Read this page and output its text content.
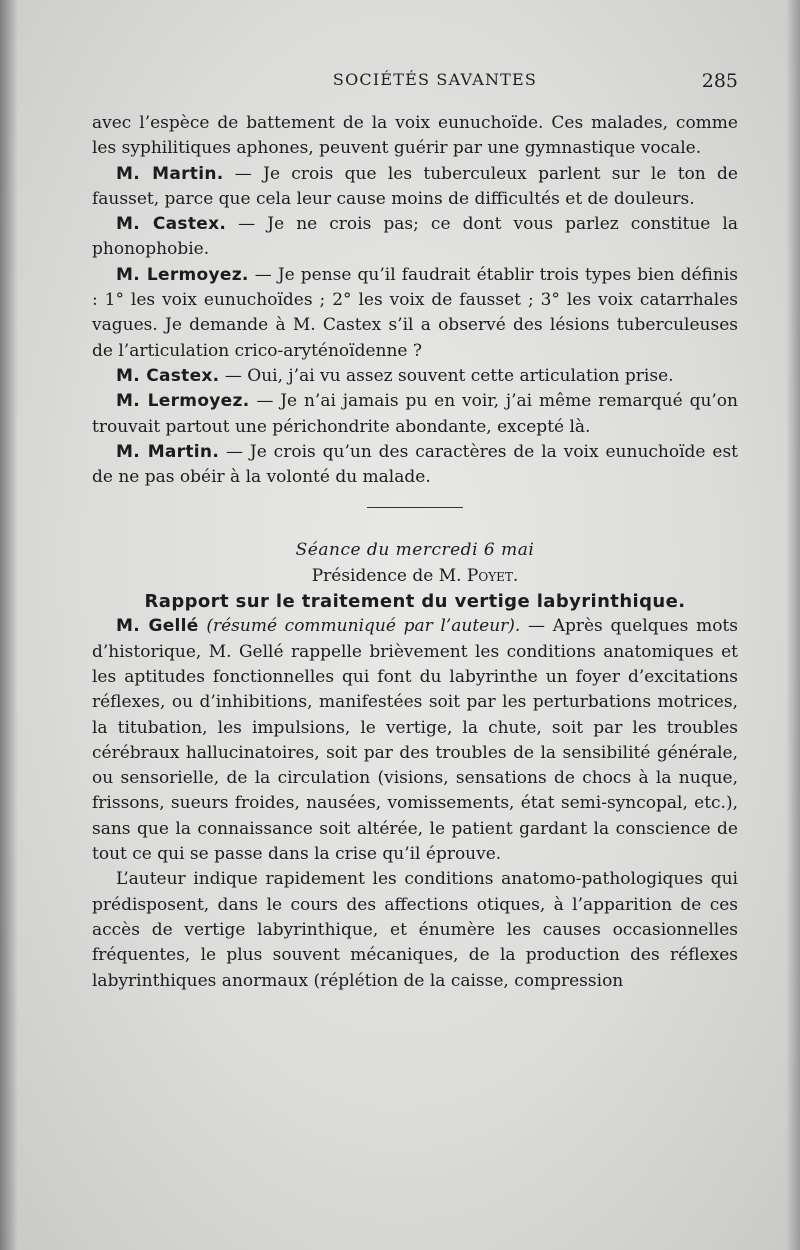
SOCIÉTÉS SAVANTES	285

avec l’espèce de battement de la voix eunuchoïde. Ces malades, comme les syphilitiques aphones, peuvent guérir par une gymnastique vocale.

M. Martin. — Je crois que les tuberculeux parlent sur le ton de fausset, parce que cela leur cause moins de difficultés et de douleurs.

M. Castex. — Je ne crois pas; ce dont vous parlez constitue la phonophobie.

M. Lermoyez. — Je pense qu’il faudrait établir trois types bien définis : 1° les voix eunuchoïdes ; 2° les voix de fausset ; 3° les voix catarrhales vagues. Je demande à M. Castex s’il a observé des lésions tuberculeuses de l’articulation crico-aryténoïdenne ?

M. Castex. — Oui, j’ai vu assez souvent cette articulation prise.

M. Lermoyez. — Je n’ai jamais pu en voir, j’ai même remarqué qu’on trouvait partout une périchondrite abondante, excepté là.

M. Martin. — Je crois qu’un des caractères de la voix eunuchoïde est de ne pas obéir à la volonté du malade.

Séance du mercredi 6 mai

Présidence de M. Poyet.

Rapport sur le traitement du vertige labyrinthique.

M. Gellé (résumé communiqué par l’auteur). — Après quelques mots d’historique, M. Gellé rappelle brièvement les conditions anatomiques et les aptitudes fonctionnelles qui font du labyrinthe un foyer d’excitations réflexes, ou d’inhibitions, manifestées soit par les perturbations motrices, la titubation, les impulsions, le vertige, la chute, soit par les troubles cérébraux hallucinatoires, soit par des troubles de la sensibilité générale, ou sensorielle, de la circulation (visions, sensations de chocs à la nuque, frissons, sueurs froides, nausées, vomissements, état semi-syncopal, etc.), sans que la connaissance soit altérée, le patient gardant la conscience de tout ce qui se passe dans la crise qu’il éprouve.

L’auteur indique rapidement les conditions anatomo-pathologiques qui prédisposent, dans le cours des affections otiques, à l’apparition de ces accès de vertige labyrinthique, et énumère les causes occasionnelles fréquentes, le plus souvent mécaniques, de la production des réflexes labyrinthiques anormaux (réplétion de la caisse, compression
